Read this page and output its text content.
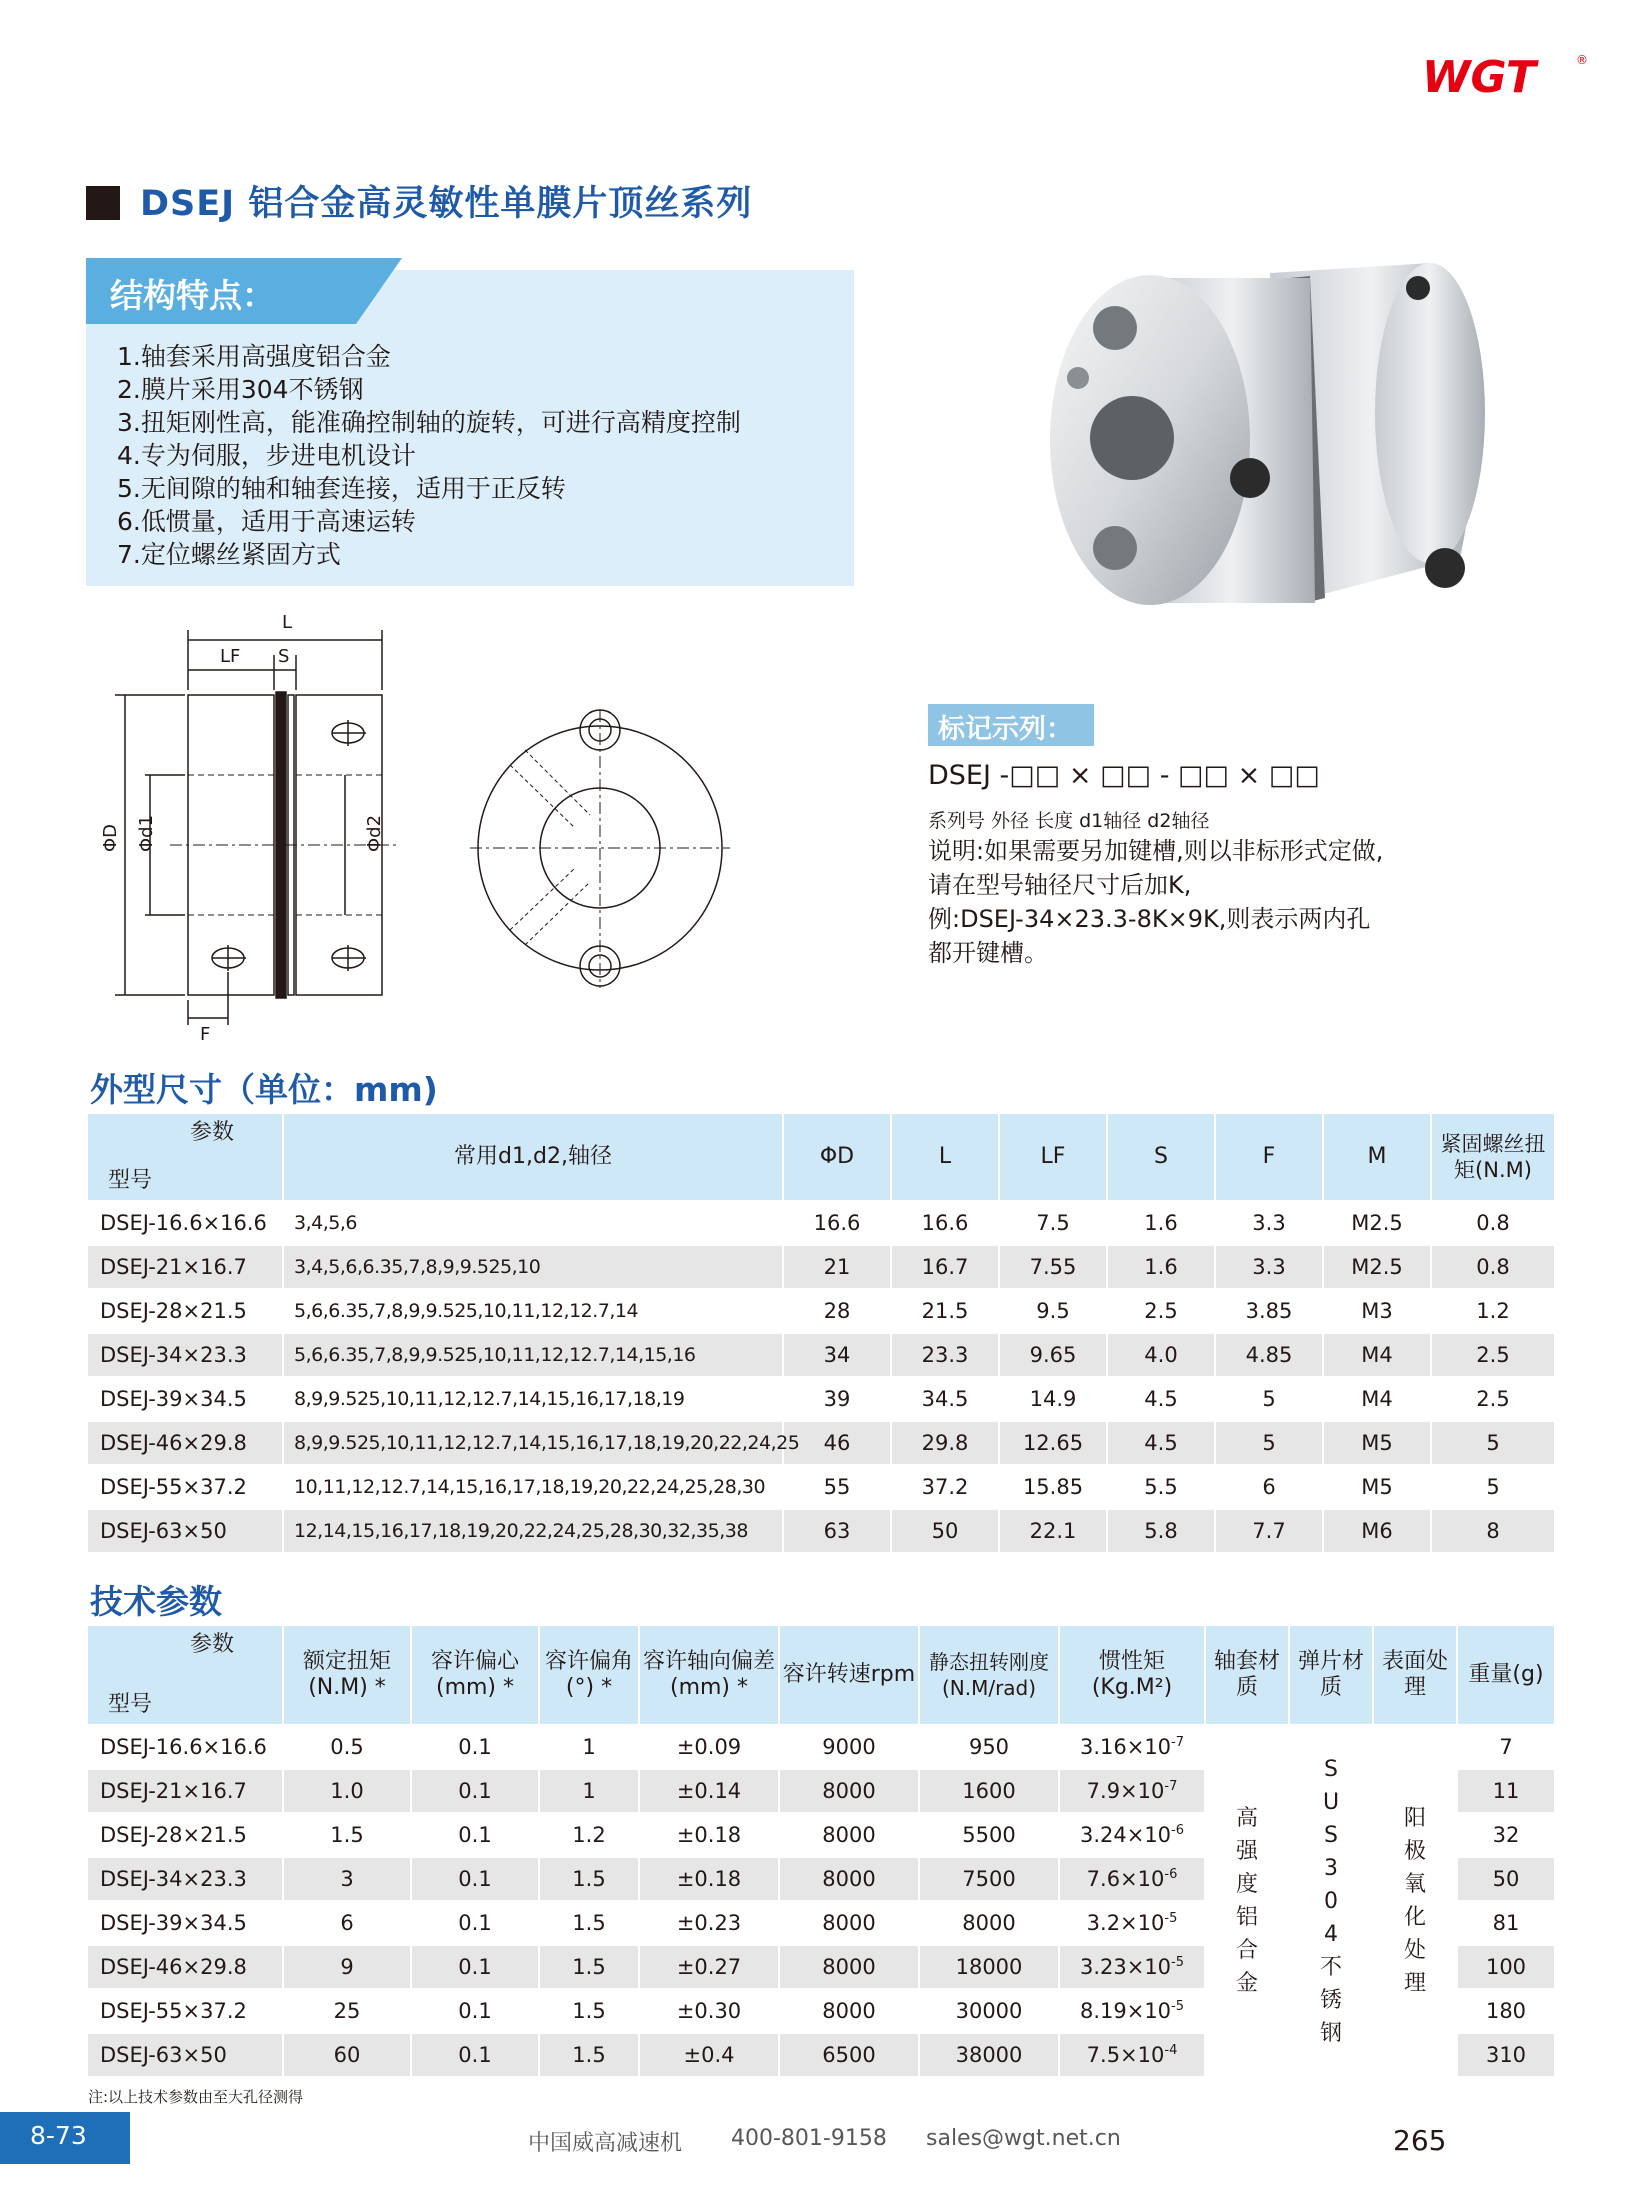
WGT	®
DSEJ 铝合金高灵敏性单膜片顶丝系列
结构特点：
1.轴套采用高强度铝合金
2.膜片采用304不锈钢
3.扭矩刚性高，能准确控制轴的旋转，可进行高精度控制
4.专为伺服，步进电机设计
5.无间隙的轴和轴套连接，适用于正反转
6.低惯量，适用于高速运转
7.定位螺丝紧固方式
L
LF S
F
ΦD Φd1	Φd2
标记示列：
DSEJ -□□ × □□ - □□ × □□
系列号 外径 长度 d1轴径 d2轴径
说明:如果需要另加键槽,则以非标形式定做,
请在型号轴径尺寸后加K,
例:DSEJ-34×23.3-8K×9K,则表示两内孔
都开键槽。
外型尺寸（单位：mm)
参数
型号	常用d1,d2,轴径	ΦD	L	LF	S	F	M	紧固螺丝扭矩(N.M)
DSEJ-16.6×16.6	3,4,5,6	16.6	16.6	7.5	1.6	3.3	M2.5	0.8
DSEJ-21×16.7	3,4,5,6,6.35,7,8,9,9.525,10	21	16.7	7.55	1.6	3.3	M2.5	0.8
DSEJ-28×21.5	5,6,6.35,7,8,9,9.525,10,11,12,12.7,14	28	21.5	9.5	2.5	3.85	M3	1.2
DSEJ-34×23.3	5,6,6.35,7,8,9,9.525,10,11,12,12.7,14,15,16	34	23.3	9.65	4.0	4.85	M4	2.5
DSEJ-39×34.5	8,9,9.525,10,11,12,12.7,14,15,16,17,18,19	39	34.5	14.9	4.5	5	M4	2.5
DSEJ-46×29.8	8,9,9.525,10,11,12,12.7,14,15,16,17,18,19,20,22,24,25	46	29.8	12.65	4.5	5	M5	5
DSEJ-55×37.2	10,11,12,12.7,14,15,16,17,18,19,20,22,24,25,28,30	55	37.2	15.85	5.5	6	M5	5
DSEJ-63×50	12,14,15,16,17,18,19,20,22,24,25,28,30,32,35,38	63	50	22.1	5.8	7.7	M6	8
技术参数
参数
型号	额定扭矩(N.M) *	容许偏心(mm) *	容许偏角(°) *	容许轴向偏差(mm) *	容许转速rpm	静态扭转刚度(N.M/rad)	惯性矩(Kg.M²)	轴套材质	弹片材质	表面处理	重量(g)
DSEJ-16.6×16.6	0.5	0.1	1	±0.09	9000	950	$3.16\times 10^{-7}$	高强度铝合金	SUS304不锈钢	阳极氧化处理	7
DSEJ-21×16.7	1.0	0.1	1	±0.14	8000	1600	$7.9\times 10^{-7}$				11
DSEJ-28×21.5	1.5	0.1	1.2	±0.18	8000	5500	$3.24\times 10^{-6}$				32
DSEJ-34×23.3	3	0.1	1.5	±0.18	8000	7500	$7.6\times 10^{-6}$				50
DSEJ-39×34.5	6	0.1	1.5	±0.23	8000	8000	$3.2\times 10^{-5}$				81
DSEJ-46×29.8	9	0.1	1.5	±0.27	8000	18000	$3.23\times 10^{-5}$				100
DSEJ-55×37.2	25	0.1	1.5	±0.30	8000	30000	$8.19\times 10^{-5}$				180
DSEJ-63×50	60	0.1	1.5	±0.4	6500	38000	$7.5\times 10^{-4}$				310
注:以上技术参数由至大孔径测得
8-73	中国威高减速机 400-801-9158 sales@wgt.net.cn	265
